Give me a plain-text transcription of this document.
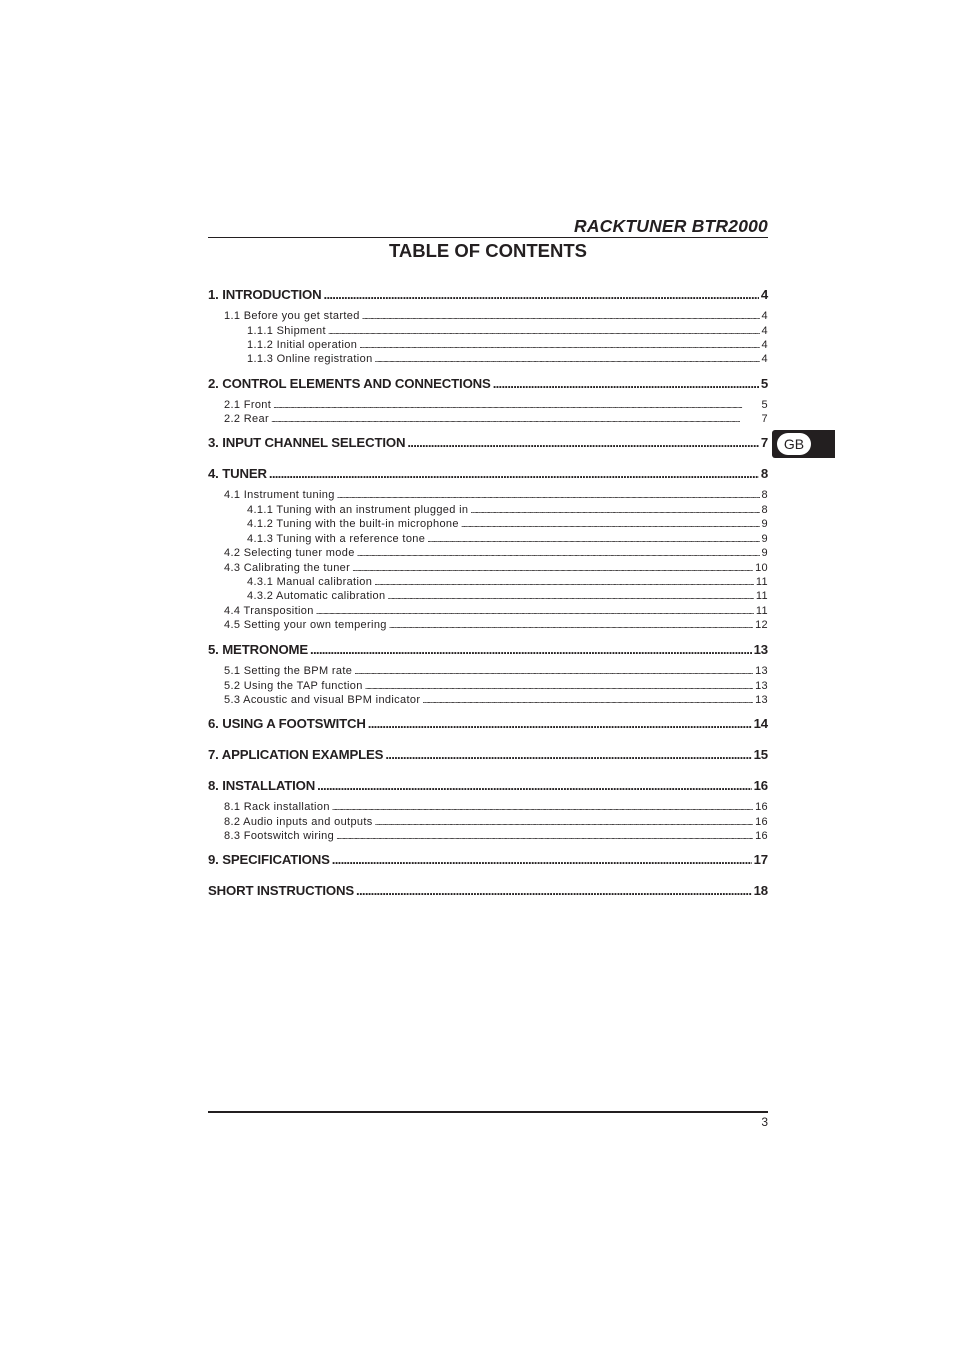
RACKTUNER BTR2000
TABLE OF CONTENTS
1. INTRODUCTION . . .	4
1.1 Before you get started . . .	4
1.1.1 Shipment . . .	4
1.1.2 Initial operation . . .	4
1.1.3 Online registration . . .	4
2. CONTROL ELEMENTS AND CONNECTIONS . . .	5
2.1 Front . . .	5
2.2 Rear . . .	7
3. INPUT CHANNEL SELECTION . . .	7
4. TUNER . . .	8
4.1 Instrument tuning . . .	8
4.1.1 Tuning with an instrument plugged in . . .	8
4.1.2 Tuning with the built-in microphone . . .	9
4.1.3 Tuning with a reference tone . . .	9
4.2 Selecting tuner mode . . .	9
4.3 Calibrating the tuner . . .	10
4.3.1 Manual calibration . . .	11
4.3.2 Automatic calibration . . .	11
4.4 Transposition . . .	11
4.5 Setting your own tempering . . .	12
5. METRONOME . . .	13
5.1 Setting the BPM rate . . .	13
5.2 Using the TAP function . . .	13
5.3 Acoustic and visual BPM indicator . . .	13
6. USING A FOOTSWITCH . . .	14
7. APPLICATION EXAMPLES . . .	15
8. INSTALLATION . . .	16
8.1 Rack installation . . .	16
8.2 Audio inputs and outputs . . .	16
8.3 Footswitch wiring . . .	16
9. SPECIFICATIONS . . .	17
SHORT INSTRUCTIONS . . .	18
GB
3
